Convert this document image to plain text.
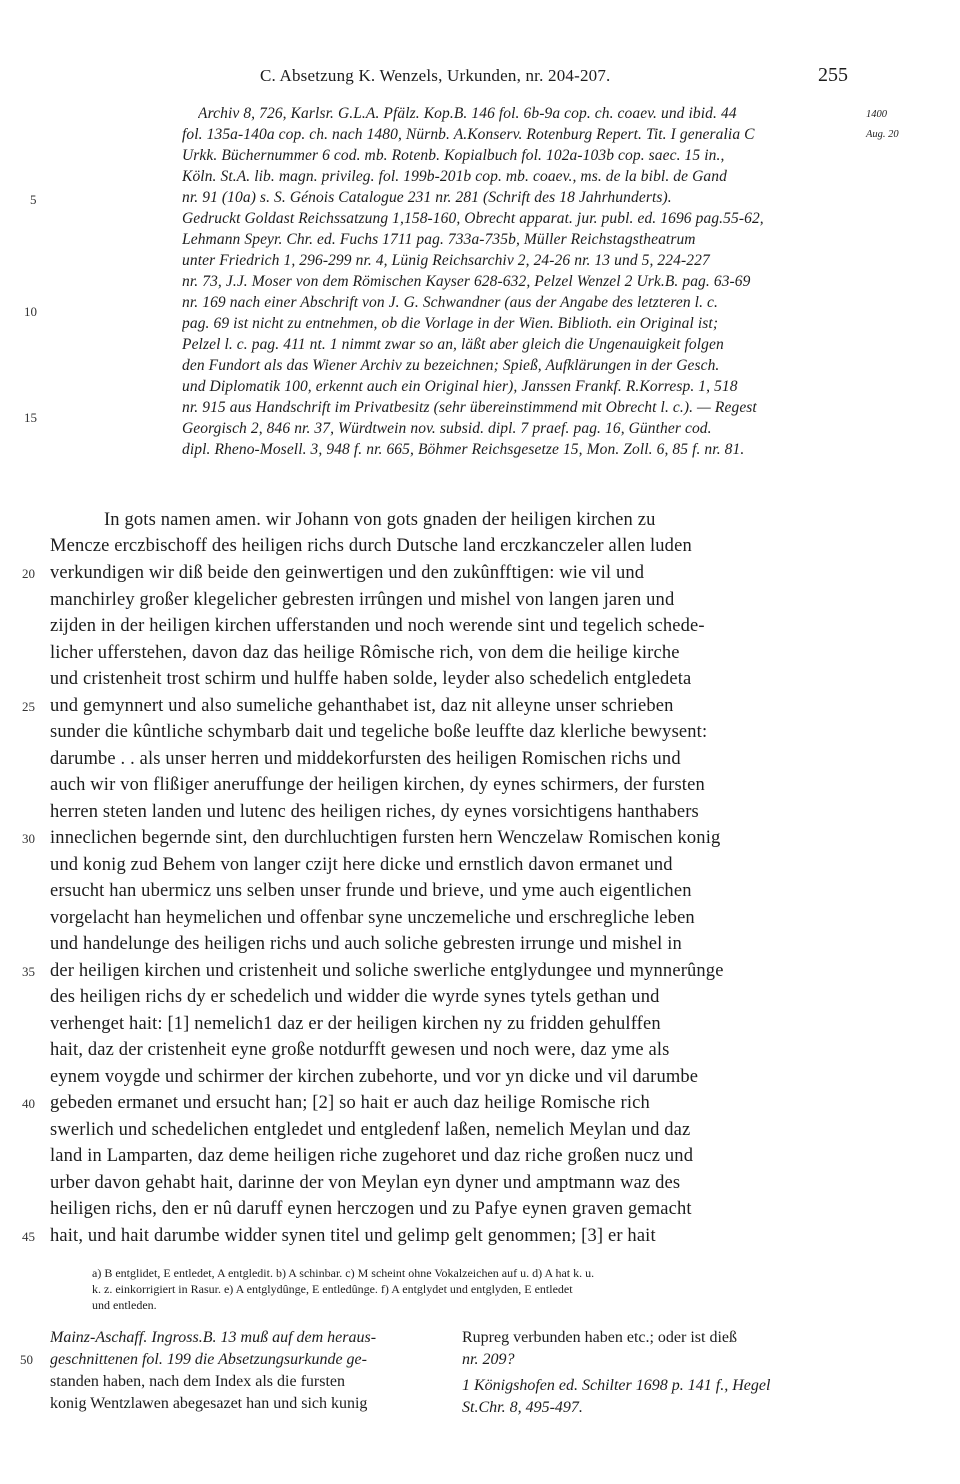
C. Absetzung K. Wenzels, Urkunden, nr. 204-207.	255
1400
Aug. 20
Archiv 8, 726, Karlsr. G.L.A. Pfälz. Kop.B. 146 fol. 6b-9a cop. ch. coaev. und ibid. 44
fol. 135a-140a cop. ch. nach 1480, Nürnb. A.Konserv. Rotenburg Repert. Tit. I generalia C
Urkk. Büchernummer 6 cod. mb. Rotenb. Kopialbuch fol. 102a-103b cop. saec. 15 in.,
Köln. St.A. lib. magn. privileg. fol. 199b-201b cop. mb. coaev., ms. de la bibl. de Gand
nr. 91 (10a) s. S. Génois Catalogue 231 nr. 281 (Schrift des 18 Jahrhunderts).
Gedruckt Goldast Reichssatzung 1,158-160, Obrecht apparat. jur. publ. ed. 1696 pag.55-62,
Lehmann Speyr. Chr. ed. Fuchs 1711 pag. 733a-735b, Müller Reichstagstheatrum
unter Friedrich 1, 296-299 nr. 4, Lünig Reichsarchiv 2, 24-26 nr. 13 und 5, 224-227
nr. 73, J.J. Moser von dem Römischen Kayser 628-632, Pelzel Wenzel 2 Urk.B. pag. 63-69
nr. 169 nach einer Abschrift von J. G. Schwandner (aus der Angabe des letzteren l. c.
pag. 69 ist nicht zu entnehmen, ob die Vorlage in der Wien. Biblioth. ein Original ist;
Pelzel l. c. pag. 411 nt. 1 nimmt zwar so an, läßt aber gleich die Ungenauigkeit folgen
den Fundort als das Wiener Archiv zu bezeichnen; Spieß, Aufklärungen in der Gesch.
und Diplomatik 100, erkennt auch ein Original hier), Janssen Frankf. R.Korresp. 1, 518
nr. 915 aus Handschrift im Privatbesitz (sehr übereinstimmend mit Obrecht l. c.). — Regest
Georgisch 2, 846 nr. 37, Würdtwein nov. subsid. dipl. 7 praef. pag. 16, Günther cod.
dipl. Rheno-Mosell. 3, 948 f. nr. 665, Böhmer Reichsgesetze 15, Mon. Zoll. 6, 85 f. nr. 81.
5
10
15
In gots namen amen. wir Johann von gots gnaden der heiligen kirchen zu
Mencze erczbischoff des heiligen richs durch Dutsche land erczkanczeler allen luden
verkundigen wir diß beide den geinwertigen und den zukûnfftigen: wie vil und
manchirley großer klegelicher gebresten irrûngen und mishel von langen jaren und
zijden in der heiligen kirchen ufferstanden und noch werende sint und tegelich schede-
licher ufferstehen, davon daz das heilige Rômische rich, von dem die heilige kirche
und cristenheit trost schirm und hulffe haben solde, leyder also schedelich entgledeta
und gemynnert und also sumeliche gehanthabet ist, daz nit alleyne unser schrieben
sunder die kûntliche schymbarb dait und tegeliche boße leuffte daz klerliche bewysent:
darumbe . . als unser herren und middekorfursten des heiligen Romischen richs und
auch wir von flißiger aneruffunge der heiligen kirchen, dy eynes schirmers, der fursten
herren steten landen und lutenc des heiligen riches, dy eynes vorsichtigens hanthabers
inneclichen begernde sint, den durchluchtigen fursten hern Wenczelaw Romischen konig
und konig zud Behem von langer czijt here dicke und ernstlich davon ermanet und
ersucht han ubermicz uns selben unser frunde und brieve, und yme auch eigentlichen
vorgelacht han heymelichen und offenbar syne unczemeliche und erschregliche leben
und handelunge des heiligen richs und auch soliche gebresten irrunge und mishel in
der heiligen kirchen und cristenheit und soliche swerliche entglydungee und mynnerûnge
des heiligen richs dy er schedelich und widder die wyrde synes tytels gethan und
verhenget hait: [1] nemelich1 daz er der heiligen kirchen ny zu fridden gehulffen
hait, daz der cristenheit eyne große notdurfft gewesen und noch were, daz yme als
eynem voygde und schirmer der kirchen zubehorte, und vor yn dicke und vil darumbe
gebeden ermanet und ersucht han; [2] so hait er auch daz heilige Romische rich
swerlich und schedelichen entgledet und entgledenf laßen, nemelich Meylan und daz
land in Lamparten, daz deme heiligen riche zugehoret und daz riche großen nucz und
urber davon gehabt hait, darinne der von Meylan eyn dyner und amptmann waz des
heiligen richs, den er nû daruff eynen herczogen und zu Pafye eynen graven gemacht
hait, und hait darumbe widder synen titel und gelimp gelt genommen; [3] er hait
20
25
30
35
40
45
a) B entglidet, E entledet, A entgledit. b) A schinbar. c) M scheint ohne Vokalzeichen auf u. d) A hat k. u.
k. z. einkorrigiert in Rasur. e) A entglydûnge, E entledûnge. f) A entglydet und entglyden, E entledet
und entleden.
Mainz-Aschaff. Ingross.B. 13 muß auf dem heraus-
geschnittenen fol. 199 die Absetzungsurkunde ge-
standen haben, nach dem Index als die fursten
konig Wentzlawen abegesazet han und sich kunig
50
Rupreg verbunden haben etc.; oder ist dieß
nr. 209?
1 Königshofen ed. Schilter 1698 p. 141 f., Hegel
St.Chr. 8, 495-497.
